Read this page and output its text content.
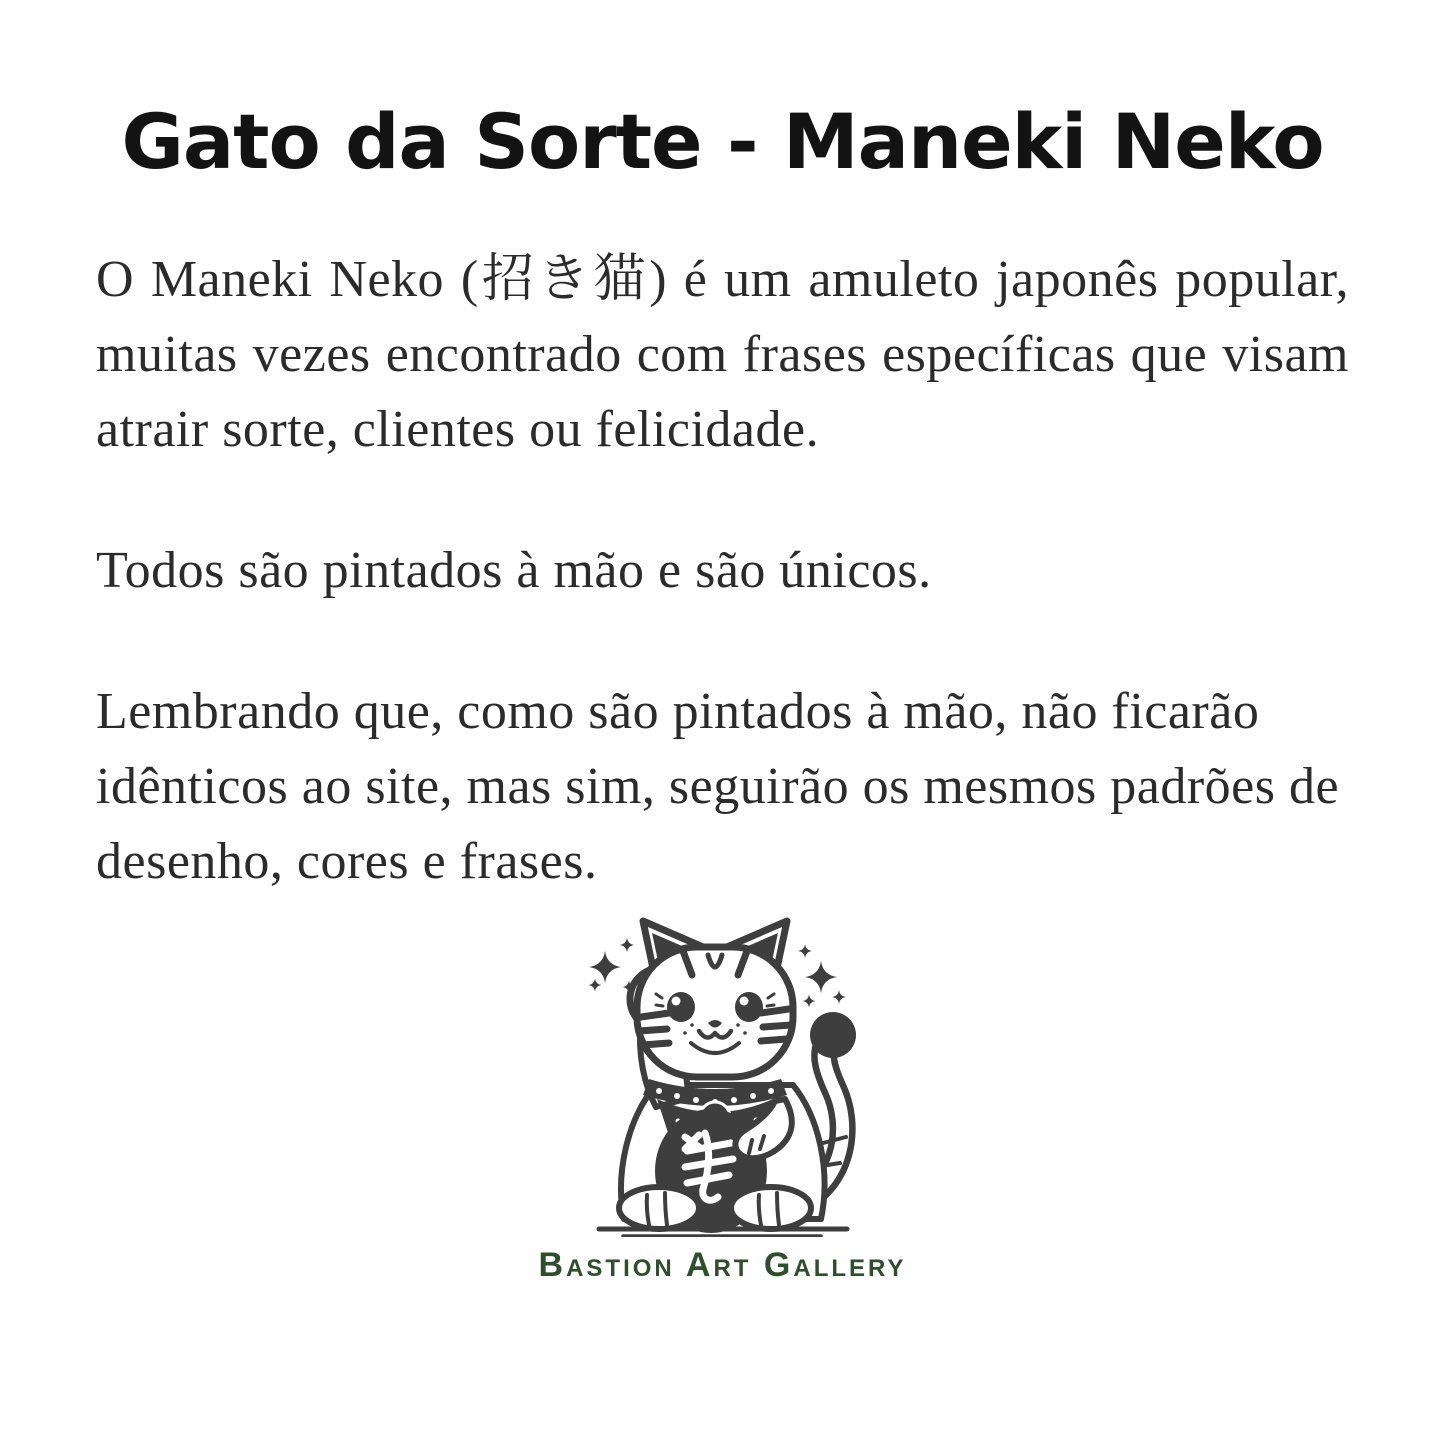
Gato da Sorte - Maneki Neko

O Maneki Neko (招き猫) é um amuleto japonês popular, muitas vezes encontrado com frases específicas que visam atrair sorte, clientes ou felicidade.

Todos são pintados à mão e são únicos.

Lembrando que, como são pintados à mão, não ficarão idênticos ao site, mas sim, seguirão os mesmos padrões de desenho, cores e frases.

Bastion Art Gallery
